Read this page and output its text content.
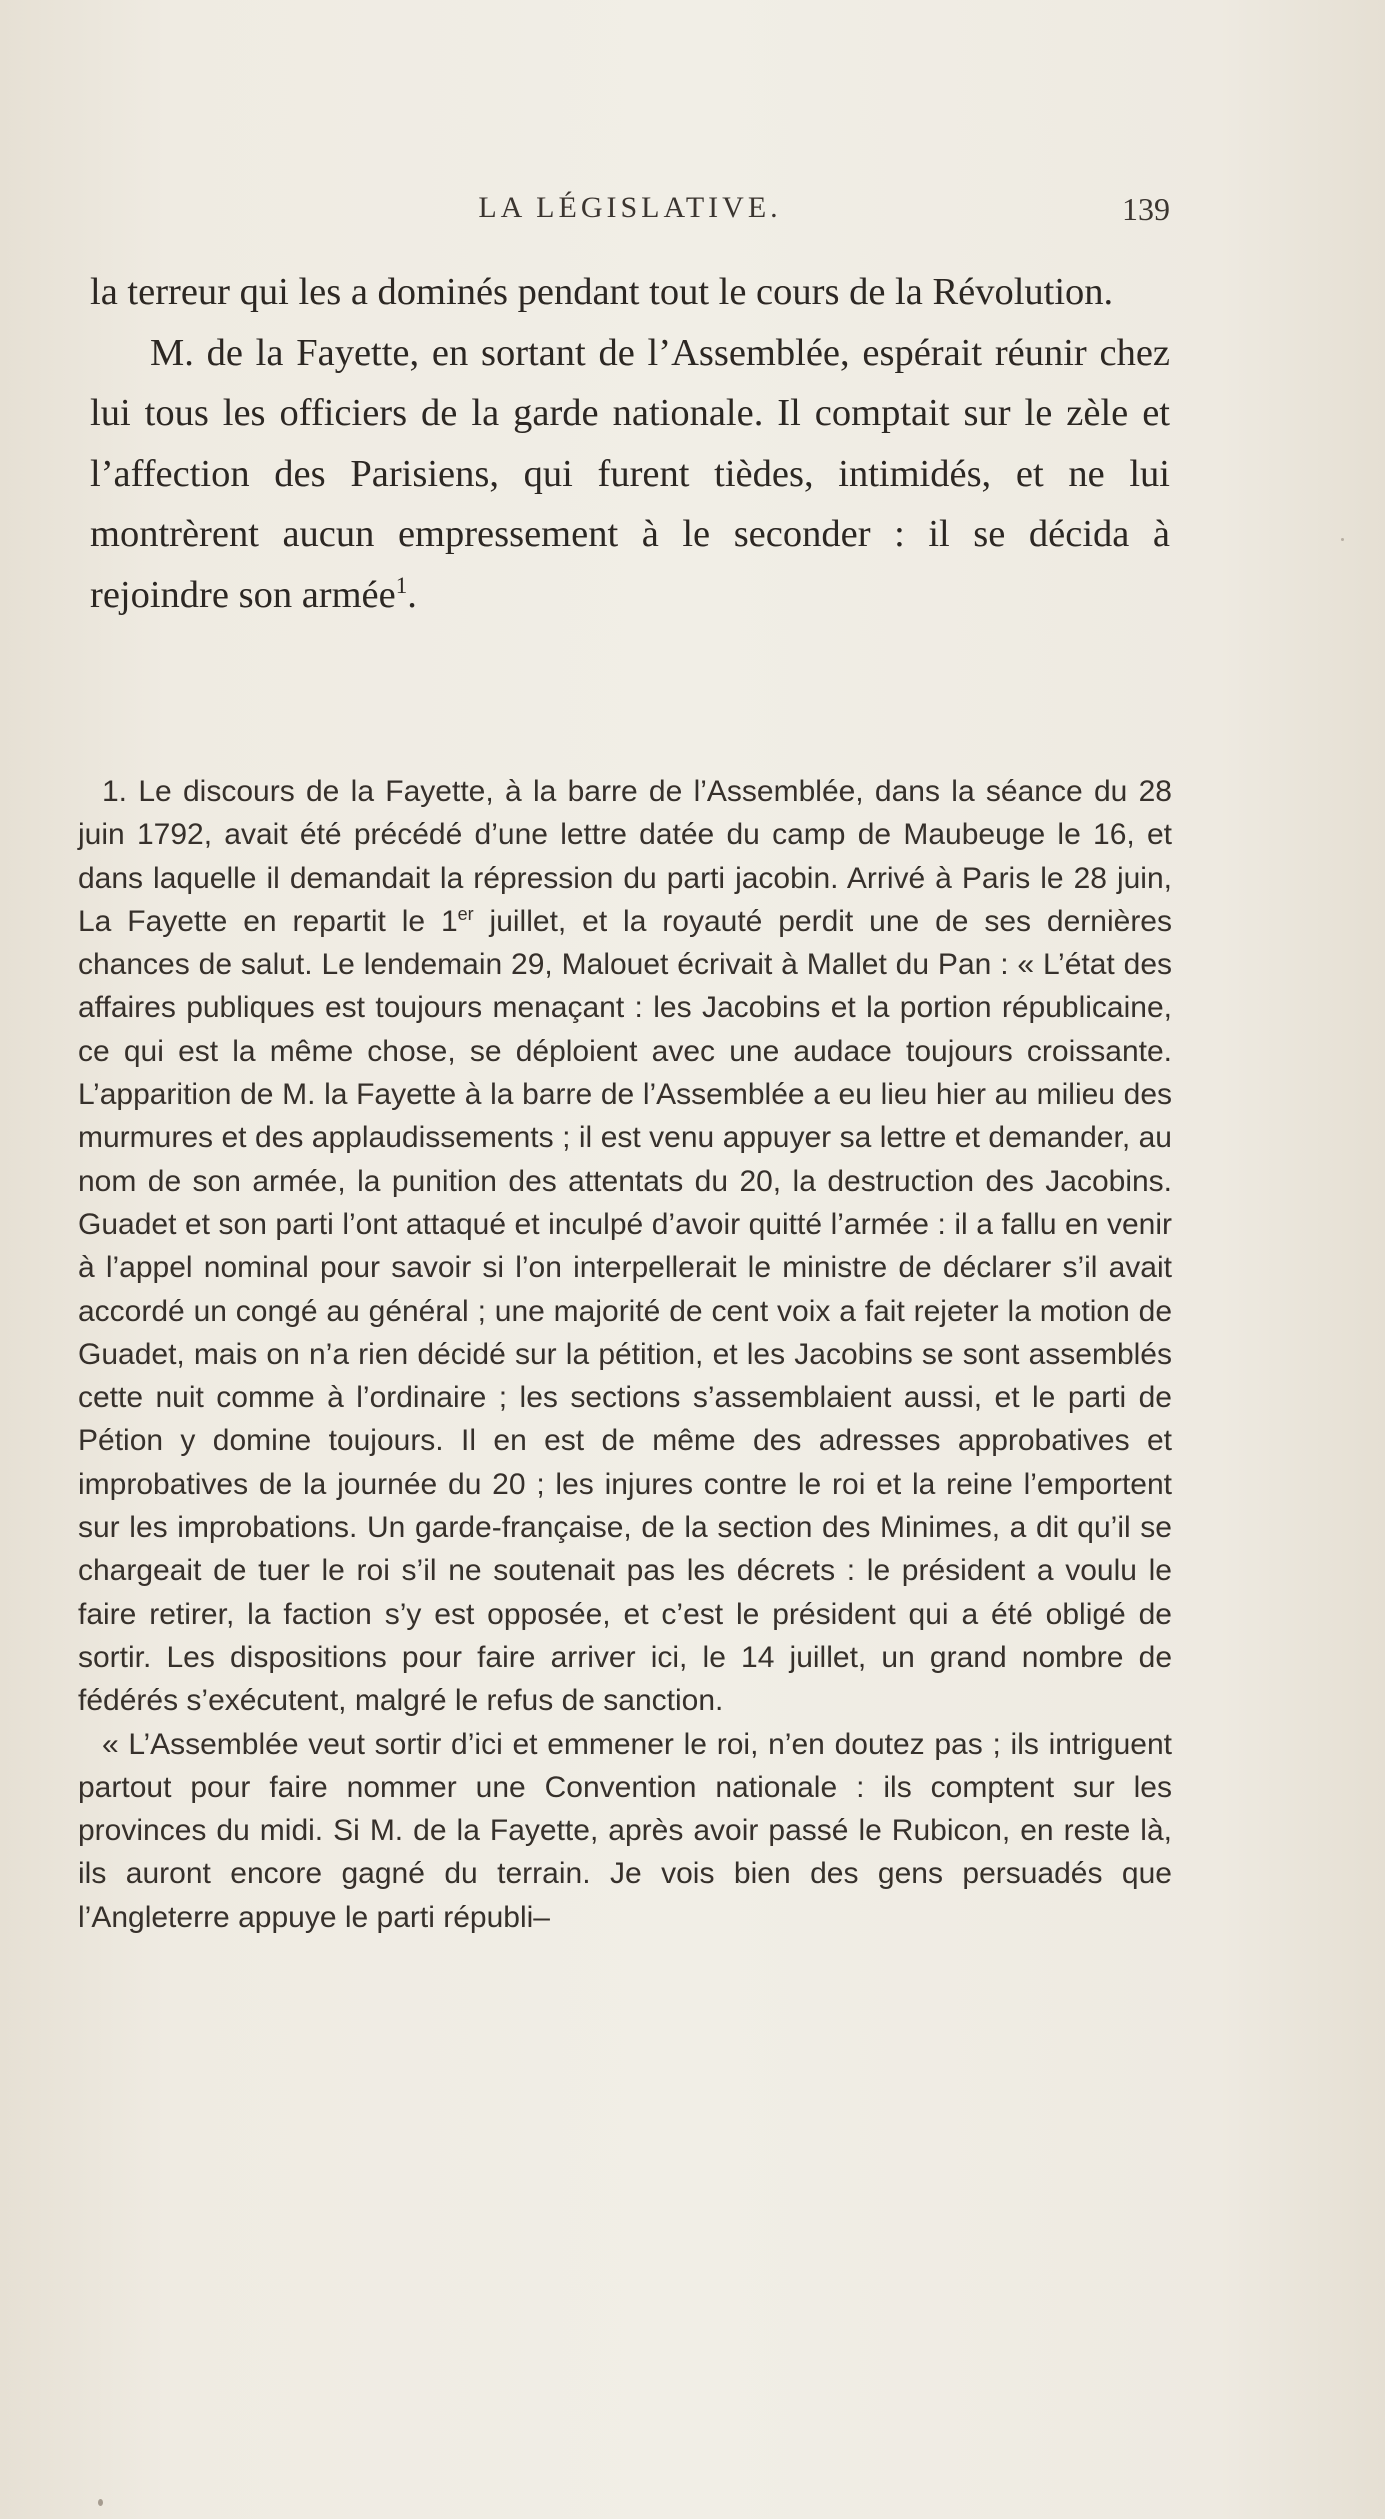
LA LÉGISLATIVE.	139

la terreur qui les a dominés pendant tout le cours de la Révolution.

M. de la Fayette, en sortant de l’Assemblée, espérait réunir chez lui tous les officiers de la garde nationale. Il comptait sur le zèle et l’affection des Parisiens, qui furent tièdes, intimidés, et ne lui montrèrent aucun empressement à le seconder : il se décida à rejoindre son armée$^1$.

1. Le discours de la Fayette, à la barre de l’Assemblée, dans la séance du 28 juin 1792, avait été précédé d’une lettre datée du camp de Maubeuge le 16, et dans laquelle il demandait la répression du parti jacobin. Arrivé à Paris le 28 juin, La Fayette en repartit le 1er juillet, et la royauté perdit une de ses dernières chances de salut. Le lendemain 29, Malouet écrivait à Mallet du Pan : « L’état des affaires publiques est toujours menaçant : les Jacobins et la portion républicaine, ce qui est la même chose, se déploient avec une audace toujours croissante. L’apparition de M. la Fayette à la barre de l’Assemblée a eu lieu hier au milieu des murmures et des applaudissements ; il est venu appuyer sa lettre et demander, au nom de son armée, la punition des attentats du 20, la destruction des Jacobins. Guadet et son parti l’ont attaqué et inculpé d’avoir quitté l’armée : il a fallu en venir à l’appel nominal pour savoir si l’on interpellerait le ministre de déclarer s’il avait accordé un congé au général ; une majorité de cent voix a fait rejeter la motion de Guadet, mais on n’a rien décidé sur la pétition, et les Jacobins se sont assemblés cette nuit comme à l’ordinaire ; les sections s’assemblaient aussi, et le parti de Pétion y domine toujours. Il en est de même des adresses approbatives et improbatives de la journée du 20 ; les injures contre le roi et la reine l’emportent sur les improbations. Un garde-française, de la section des Minimes, a dit qu’il se chargeait de tuer le roi s’il ne soutenait pas les décrets : le président a voulu le faire retirer, la faction s’y est opposée, et c’est le président qui a été obligé de sortir. Les dispositions pour faire arriver ici, le 14 juillet, un grand nombre de fédérés s’exécutent, malgré le refus de sanction.

« L’Assemblée veut sortir d’ici et emmener le roi, n’en doutez pas ; ils intriguent partout pour faire nommer une Convention nationale : ils comptent sur les provinces du midi. Si M. de la Fayette, après avoir passé le Rubicon, en reste là, ils auront encore gagné du terrain. Je vois bien des gens persuadés que l’Angleterre appuye le parti républi–
